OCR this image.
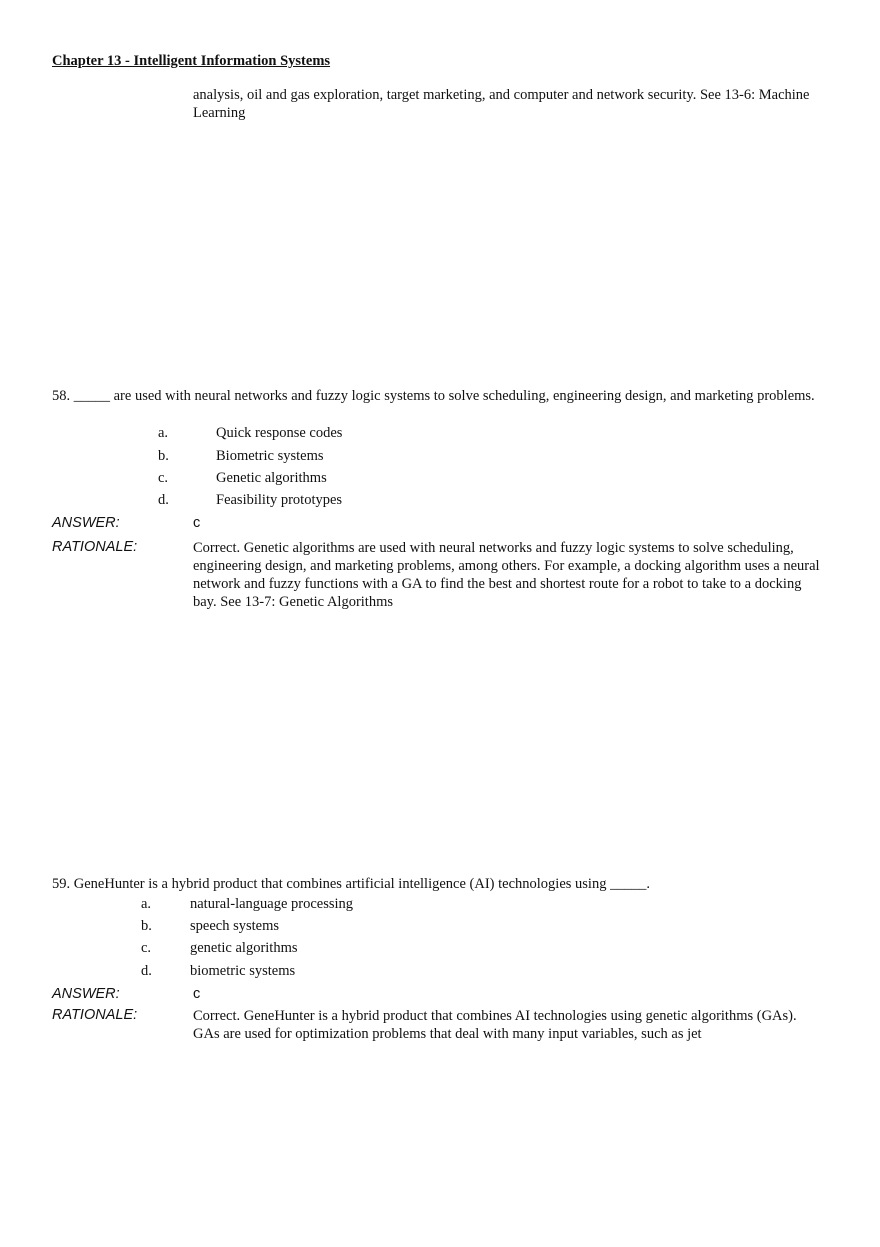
Chapter 13 - Intelligent Information Systems
analysis, oil and gas exploration, target marketing, and computer and network security. See 13-6: Machine Learning
58. _____ are used with neural networks and fuzzy logic systems to solve scheduling, engineering design, and marketing problems.
a.	Quick response codes
b.	Biometric systems
c.	Genetic algorithms
d.	Feasibility prototypes
ANSWER:	c
RATIONALE:	Correct. Genetic algorithms are used with neural networks and fuzzy logic systems to solve scheduling, engineering design, and marketing problems, among others. For example, a docking algorithm uses a neural network and fuzzy functions with a GA to find the best and shortest route for a robot to take to a docking bay. See 13-7: Genetic Algorithms
59. GeneHunter is a hybrid product that combines artificial intelligence (AI) technologies using _____.
a.	natural-language processing
b.	speech systems
c.	genetic algorithms
d.	biometric systems
ANSWER:	c
RATIONALE:	Correct. GeneHunter is a hybrid product that combines AI technologies using genetic algorithms (GAs). GAs are used for optimization problems that deal with many input variables, such as jet
